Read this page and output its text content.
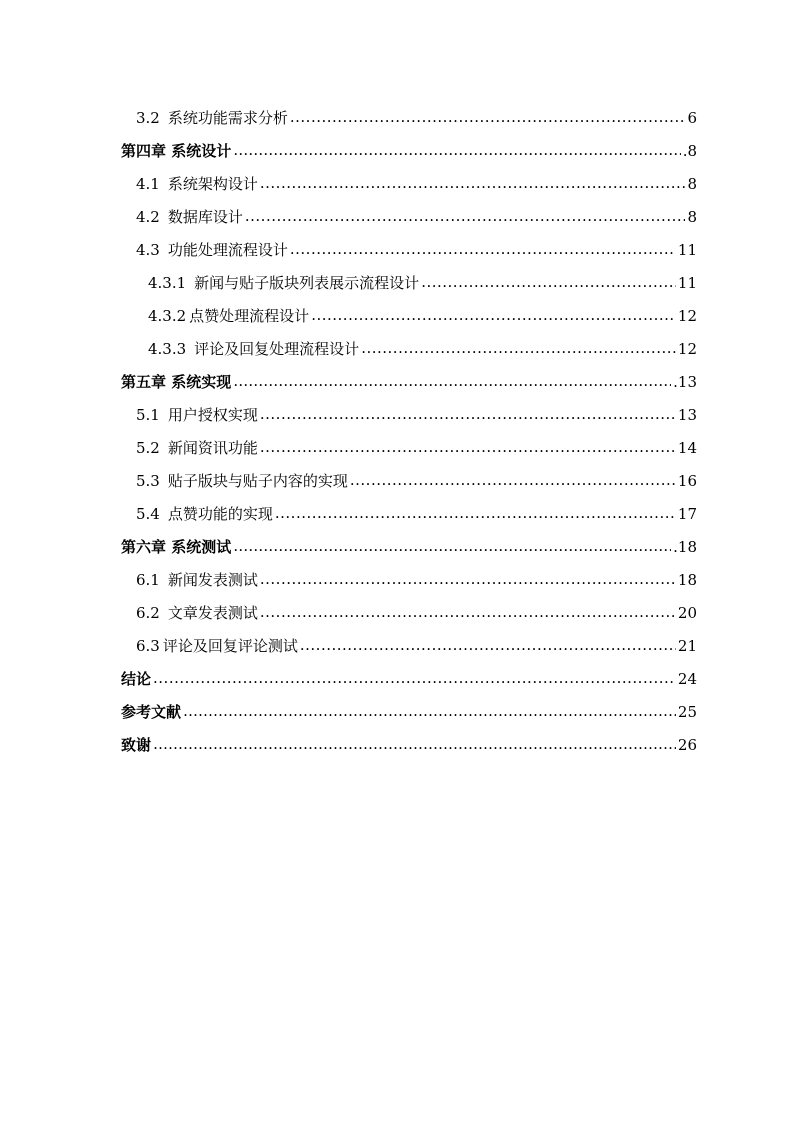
3.2 系统功能需求分析 .....	6
第四章 系统设计 ……………………………………………………………………………………………………………………………………	.8
4.1 系统架构设计 .....	8
4.2 数据库设计 .....	8
4.3 功能处理流程设计 .....	11
4.3.1 新闻与贴子版块列表展示流程设计 .....	11
4.3.2 点赞处理流程设计 .....	12
4.3.3 评论及回复处理流程设计 .....	12
第五章 系统实现 ……………………………………………………………………………………………………………………………………	.13
5.1 用户授权实现 .....	13
5.2 新闻资讯功能 .....	14
5.3 贴子版块与贴子内容的实现 .....	16
5.4 点赞功能的实现 .....	17
第六章 系统测试 ……………………………………………………………………………………………………………………………………	.18
6.1 新闻发表测试 .....	18
6.2 文章发表测试 .....	20
6.3 评论及回复评论测试 .....	21
结论 .....	24
参考文献 ……………………………………………………………………………………………………………………………………	25
致谢 ……………………………………………………………………………………………………………………………………	26
